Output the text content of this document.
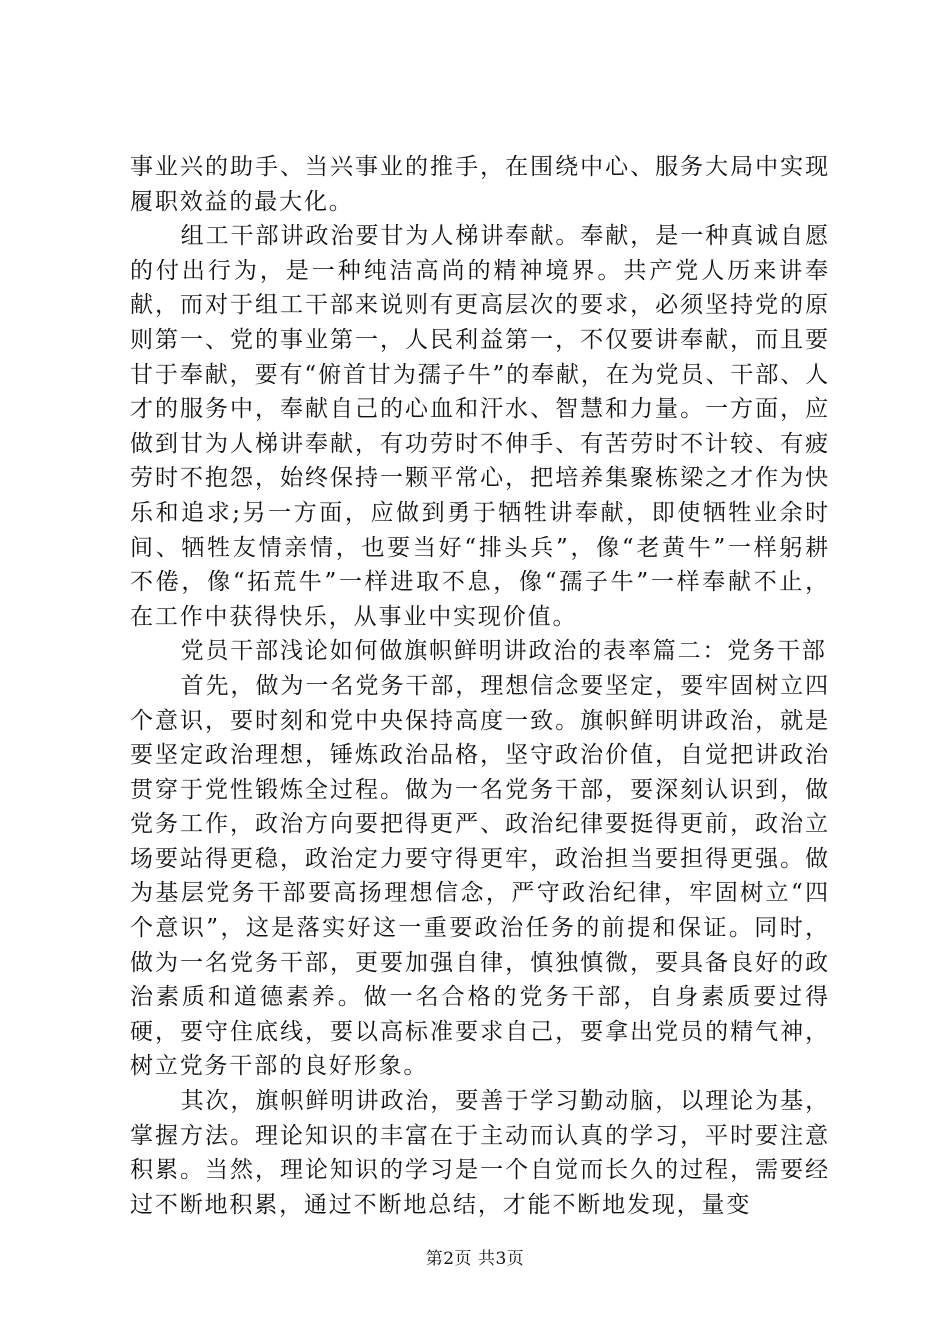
事业兴的助手、当兴事业的推手，在围绕中心、服务大局中实现履职效益的最大化。

组工干部讲政治要甘为人梯讲奉献。奉献，是一种真诚自愿的付出行为，是一种纯洁高尚的精神境界。共产党人历来讲奉献，而对于组工干部来说则有更高层次的要求，必须坚持党的原则第一、党的事业第一，人民利益第一，不仅要讲奉献，而且要甘于奉献，要有“俯首甘为孺子牛”的奉献，在为党员、干部、人才的服务中，奉献自己的心血和汗水、智慧和力量。一方面，应做到甘为人梯讲奉献，有功劳时不伸手、有苦劳时不计较、有疲劳时不抱怨，始终保持一颗平常心，把培养集聚栋梁之才作为快乐和追求;另一方面，应做到勇于牺牲讲奉献，即使牺牲业余时间、牺牲友情亲情，也要当好“排头兵”，像“老黄牛”一样躬耕不倦，像“拓荒牛”一样进取不息，像“孺子牛”一样奉献不止，在工作中获得快乐，从事业中实现价值。

党员干部浅论如何做旗帜鲜明讲政治的表率篇二：党务干部

首先，做为一名党务干部，理想信念要坚定，要牢固树立四个意识，要时刻和党中央保持高度一致。旗帜鲜明讲政治，就是要坚定政治理想，锤炼政治品格，坚守政治价值，自觉把讲政治贯穿于党性锻炼全过程。做为一名党务干部，要深刻认识到，做党务工作，政治方向要把得更严、政治纪律要挺得更前，政治立场要站得更稳，政治定力要守得更牢，政治担当要担得更强。做为基层党务干部要高扬理想信念，严守政治纪律，牢固树立“四个意识”，这是落实好这一重要政治任务的前提和保证。同时，做为一名党务干部，更要加强自律，慎独慎微，要具备良好的政治素质和道德素养。做一名合格的党务干部，自身素质要过得硬，要守住底线，要以高标准要求自己，要拿出党员的精气神，树立党务干部的良好形象。

其次，旗帜鲜明讲政治，要善于学习勤动脑，以理论为基，掌握方法。理论知识的丰富在于主动而认真的学习，平时要注意积累。当然，理论知识的学习是一个自觉而长久的过程，需要经过不断地积累，通过不断地总结，才能不断地发现，量变

第2页 共3页
